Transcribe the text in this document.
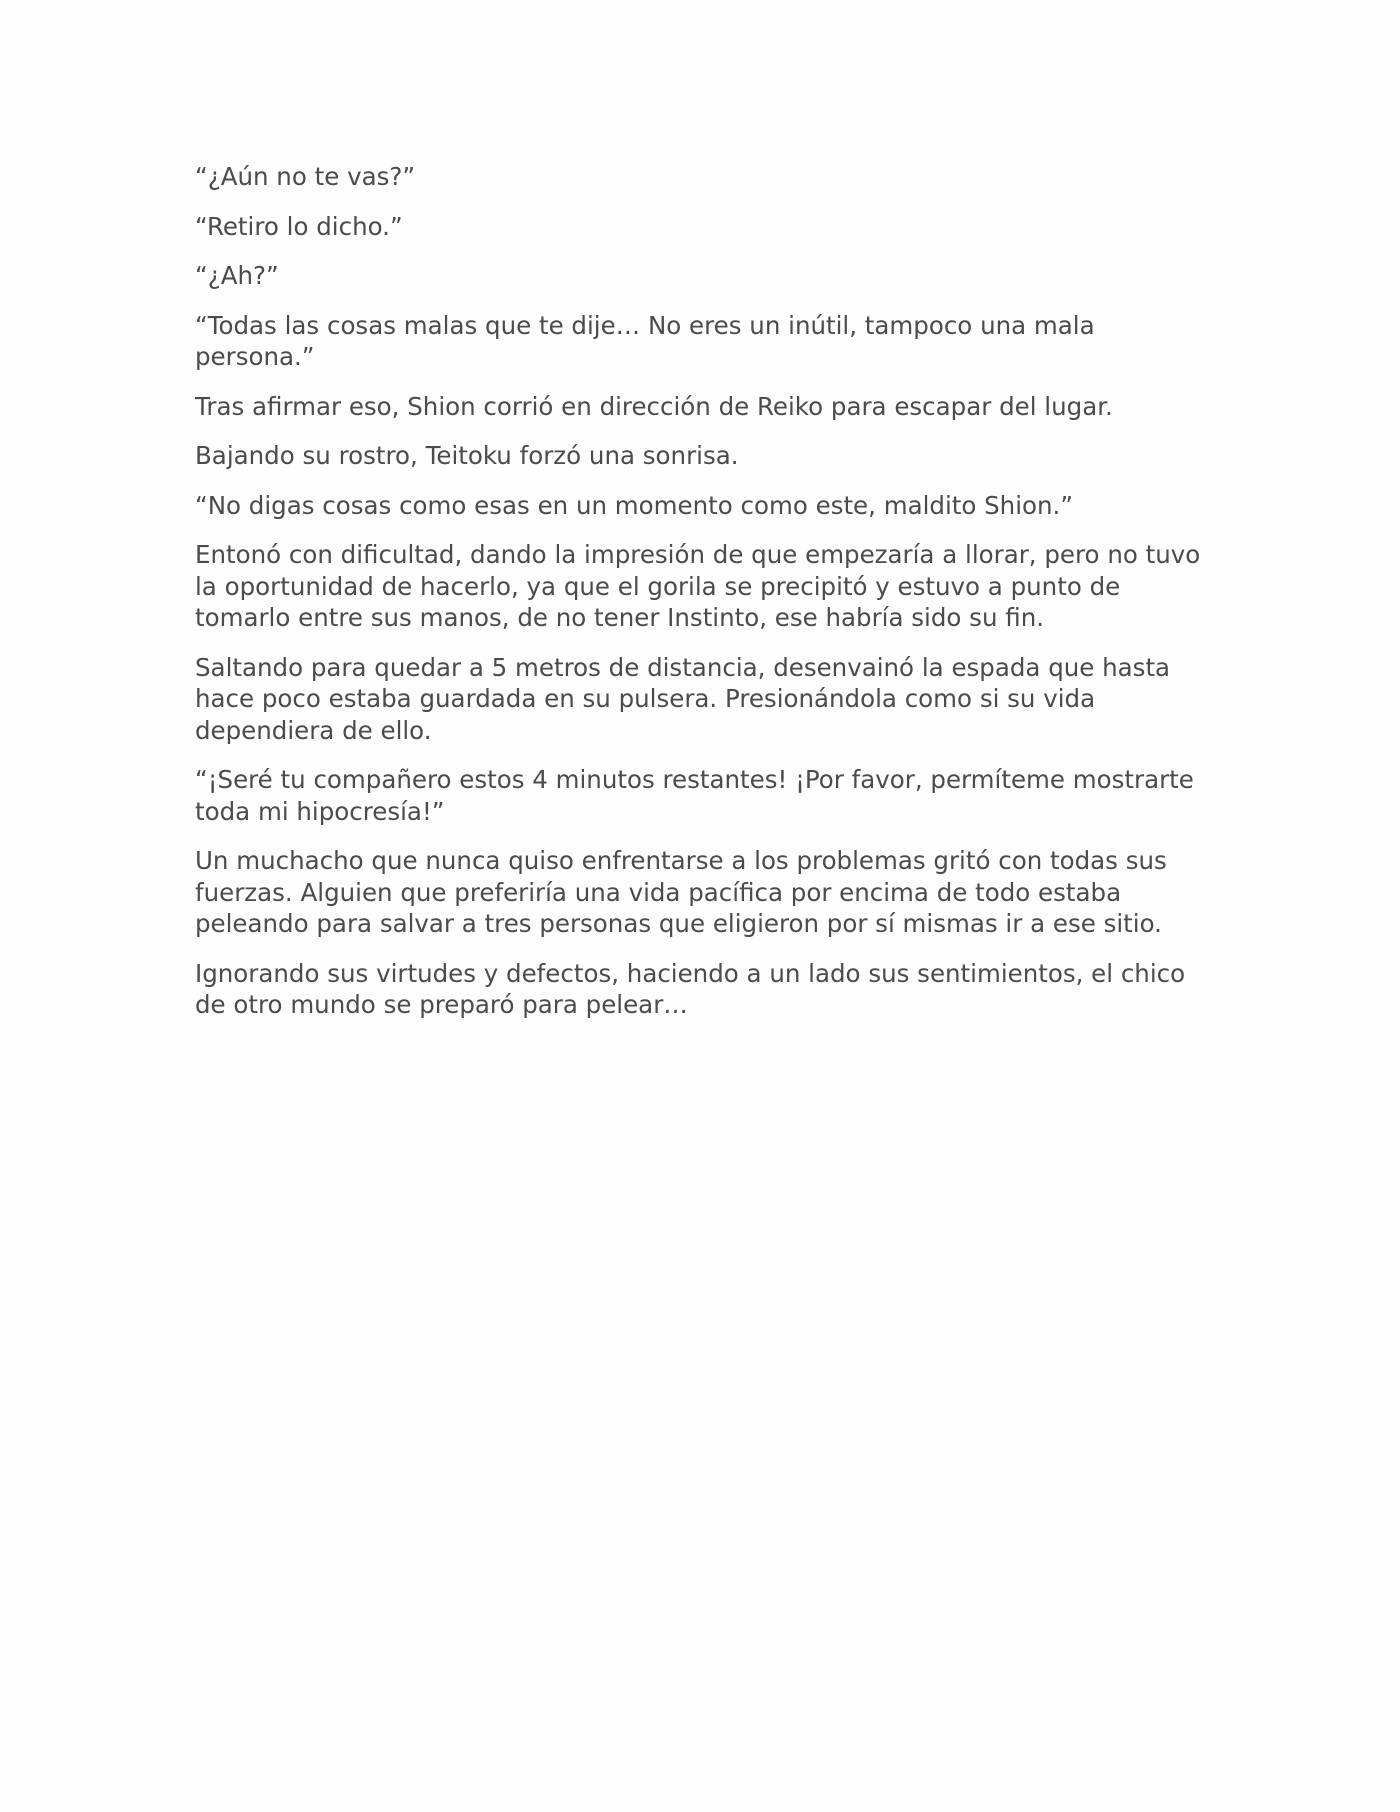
“¿Aún no te vas?”

“Retiro lo dicho.”

“¿Ah?”

“Todas las cosas malas que te dije… No eres un inútil, tampoco una mala persona.”

Tras afirmar eso, Shion corrió en dirección de Reiko para escapar del lugar.

Bajando su rostro, Teitoku forzó una sonrisa.

“No digas cosas como esas en un momento como este, maldito Shion.”

Entonó con dificultad, dando la impresión de que empezaría a llorar, pero no tuvo la oportunidad de hacerlo, ya que el gorila se precipitó y estuvo a punto de tomarlo entre sus manos, de no tener Instinto, ese habría sido su fin.

Saltando para quedar a 5 metros de distancia, desenvainó la espada que hasta hace poco estaba guardada en su pulsera. Presionándola como si su vida dependiera de ello.

“¡Seré tu compañero estos 4 minutos restantes! ¡Por favor, permíteme mostrarte toda mi hipocresía!”

Un muchacho que nunca quiso enfrentarse a los problemas gritó con todas sus fuerzas. Alguien que preferiría una vida pacífica por encima de todo estaba peleando para salvar a tres personas que eligieron por sí mismas ir a ese sitio.

Ignorando sus virtudes y defectos, haciendo a un lado sus sentimientos, el chico de otro mundo se preparó para pelear…
